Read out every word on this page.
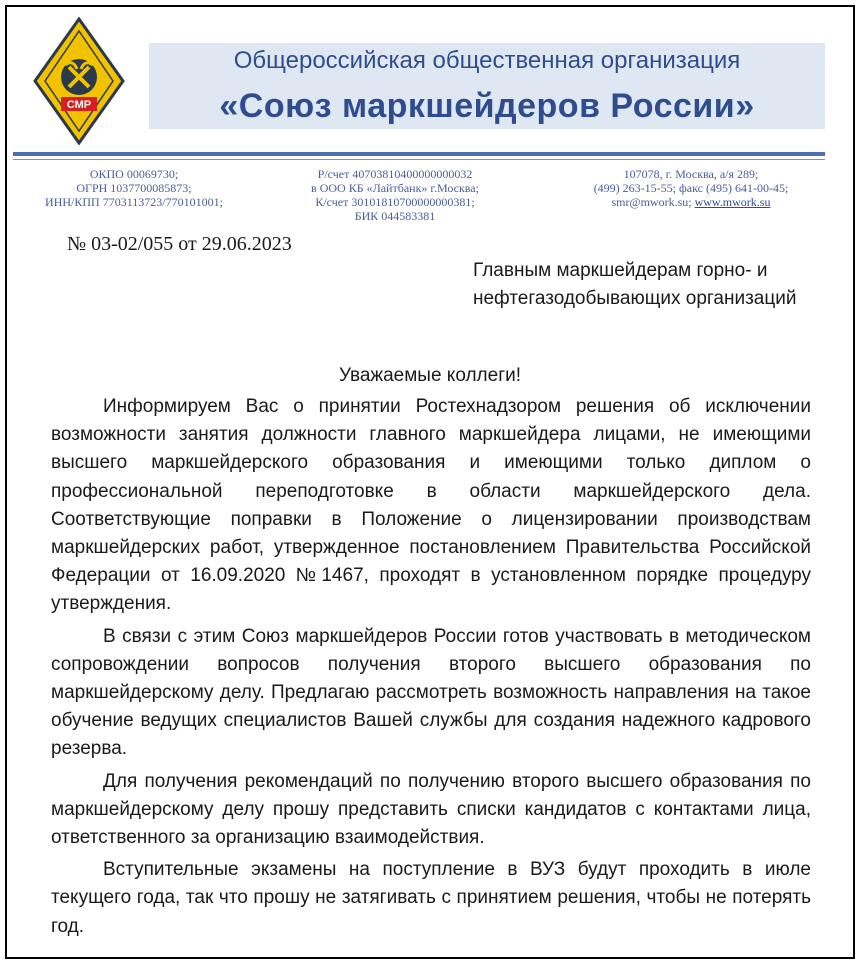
СМР
Общероссийская общественная организация
«Союз маркшейдеров России»
ОКПО 00069730;
ОГРН 1037700085873;
ИНН/КПП 7703113723/770101001;
Р/счет 40703810400000000032
в ООО КБ «Лайтбанк» г.Москва;
К/счет 30101810700000000381;
БИК 044583381
107078, г. Москва, а/я 289;
(499) 263-15-55; факс (495) 641-00-45;
smr@mwork.su; www.mwork.su
№ 03-02/055 от 29.06.2023
Главным маркшейдерам горно- и
нефтегазодобывающих организаций
Уважаемые коллеги!

Информируем Вас о принятии Ростехнадзором решения об исключении возможности занятия должности главного маркшейдера лицами, не имеющими высшего маркшейдерского образования и имеющими только диплом о профессиональной переподготовке в области маркшейдерского дела. Соответствующие поправки в Положение о лицензировании производствам маркшейдерских работ, утвержденное постановлением Правительства Российской Федерации от 16.09.2020 №1467, проходят в установленном порядке процедуру утверждения.

В связи с этим Союз маркшейдеров России готов участвовать в методическом сопровождении вопросов получения второго высшего образования по маркшейдерскому делу. Предлагаю рассмотреть возможность направления на такое обучение ведущих специалистов Вашей службы для создания надежного кадрового резерва.

Для получения рекомендаций по получению второго высшего образования по маркшейдерскому делу прошу представить списки кандидатов с контактами лица, ответственного за организацию взаимодействия.

Вступительные экзамены на поступление в ВУЗ будут проходить в июле текущего года, так что прошу не затягивать с принятием решения, чтобы не потерять год.
